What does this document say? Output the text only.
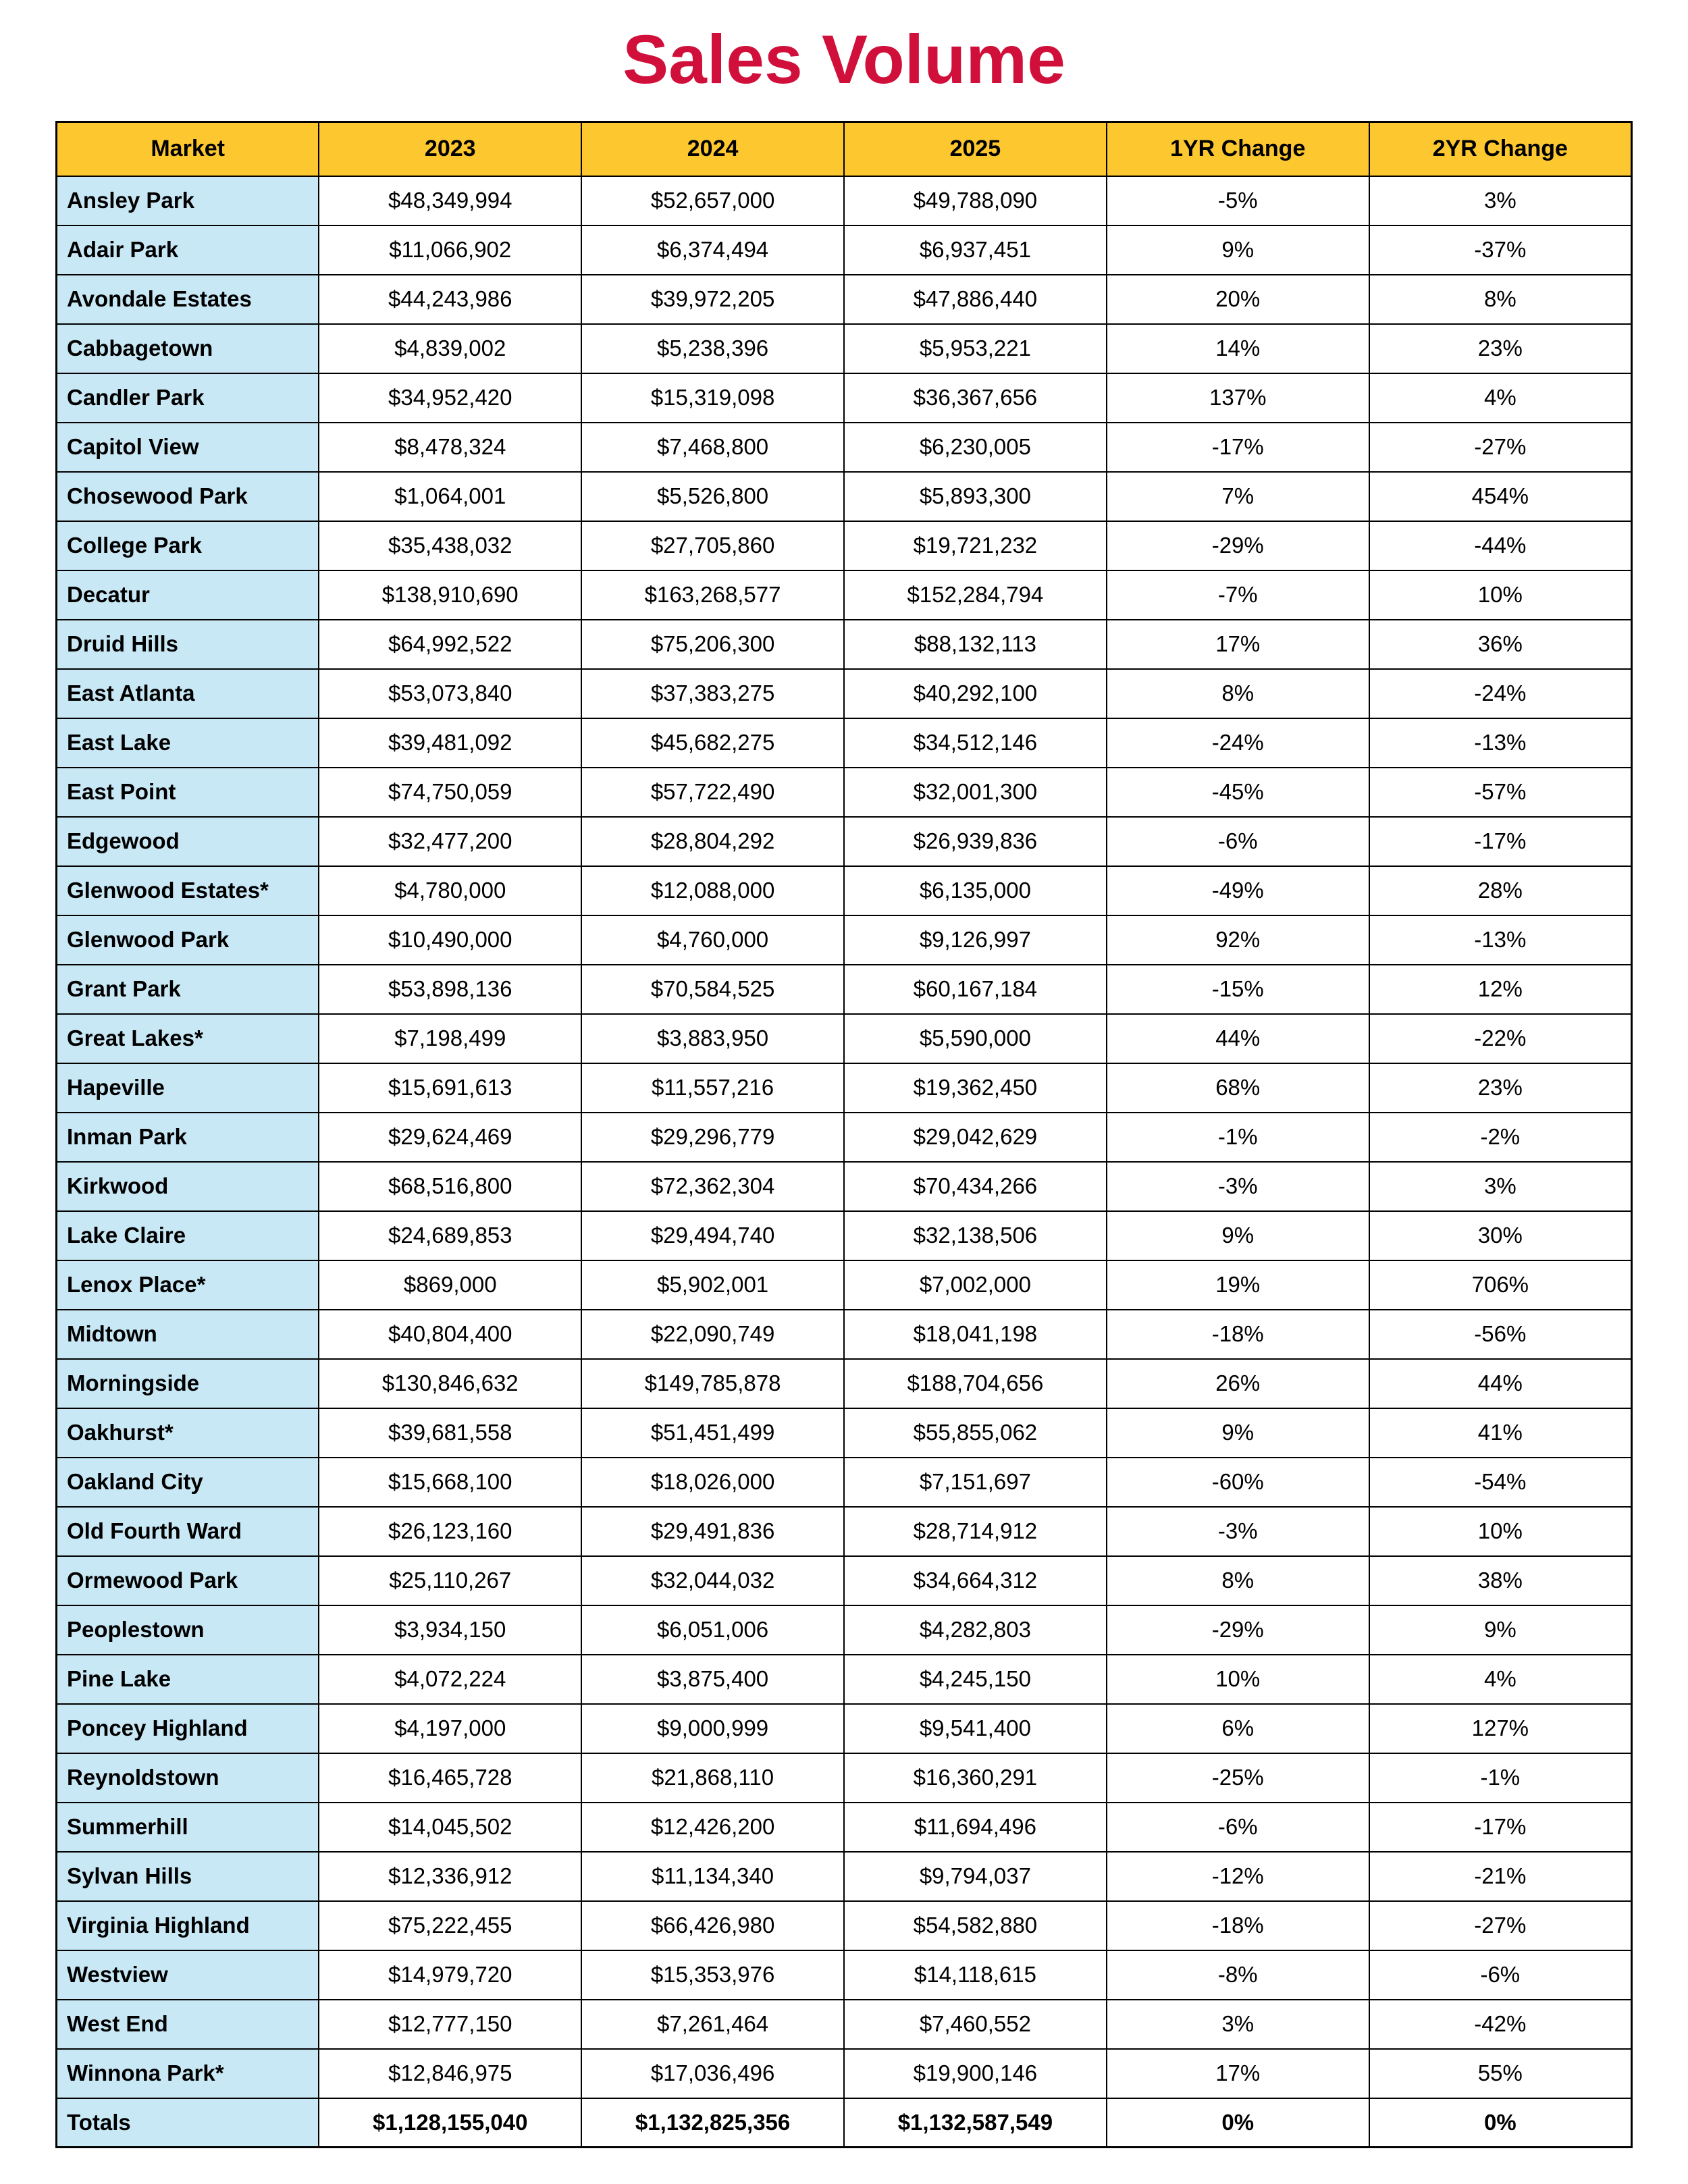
Sales Volume
Market	2023	2024	2025	1YR Change	2YR Change
Ansley Park	$48,349,994	$52,657,000	$49,788,090	-5%	3%
Adair Park	$11,066,902	$6,374,494	$6,937,451	9%	-37%
Avondale Estates	$44,243,986	$39,972,205	$47,886,440	20%	8%
Cabbagetown	$4,839,002	$5,238,396	$5,953,221	14%	23%
Candler Park	$34,952,420	$15,319,098	$36,367,656	137%	4%
Capitol View	$8,478,324	$7,468,800	$6,230,005	-17%	-27%
Chosewood Park	$1,064,001	$5,526,800	$5,893,300	7%	454%
College Park	$35,438,032	$27,705,860	$19,721,232	-29%	-44%
Decatur	$138,910,690	$163,268,577	$152,284,794	-7%	10%
Druid Hills	$64,992,522	$75,206,300	$88,132,113	17%	36%
East Atlanta	$53,073,840	$37,383,275	$40,292,100	8%	-24%
East Lake	$39,481,092	$45,682,275	$34,512,146	-24%	-13%
East Point	$74,750,059	$57,722,490	$32,001,300	-45%	-57%
Edgewood	$32,477,200	$28,804,292	$26,939,836	-6%	-17%
Glenwood Estates*	$4,780,000	$12,088,000	$6,135,000	-49%	28%
Glenwood Park	$10,490,000	$4,760,000	$9,126,997	92%	-13%
Grant Park	$53,898,136	$70,584,525	$60,167,184	-15%	12%
Great Lakes*	$7,198,499	$3,883,950	$5,590,000	44%	-22%
Hapeville	$15,691,613	$11,557,216	$19,362,450	68%	23%
Inman Park	$29,624,469	$29,296,779	$29,042,629	-1%	-2%
Kirkwood	$68,516,800	$72,362,304	$70,434,266	-3%	3%
Lake Claire	$24,689,853	$29,494,740	$32,138,506	9%	30%
Lenox Place*	$869,000	$5,902,001	$7,002,000	19%	706%
Midtown	$40,804,400	$22,090,749	$18,041,198	-18%	-56%
Morningside	$130,846,632	$149,785,878	$188,704,656	26%	44%
Oakhurst*	$39,681,558	$51,451,499	$55,855,062	9%	41%
Oakland City	$15,668,100	$18,026,000	$7,151,697	-60%	-54%
Old Fourth Ward	$26,123,160	$29,491,836	$28,714,912	-3%	10%
Ormewood Park	$25,110,267	$32,044,032	$34,664,312	8%	38%
Peoplestown	$3,934,150	$6,051,006	$4,282,803	-29%	9%
Pine Lake	$4,072,224	$3,875,400	$4,245,150	10%	4%
Poncey Highland	$4,197,000	$9,000,999	$9,541,400	6%	127%
Reynoldstown	$16,465,728	$21,868,110	$16,360,291	-25%	-1%
Summerhill	$14,045,502	$12,426,200	$11,694,496	-6%	-17%
Sylvan Hills	$12,336,912	$11,134,340	$9,794,037	-12%	-21%
Virginia Highland	$75,222,455	$66,426,980	$54,582,880	-18%	-27%
Westview	$14,979,720	$15,353,976	$14,118,615	-8%	-6%
West End	$12,777,150	$7,261,464	$7,460,552	3%	-42%
Winnona Park*	$12,846,975	$17,036,496	$19,900,146	17%	55%
Totals	$1,128,155,040	$1,132,825,356	$1,132,587,549	0%	0%
